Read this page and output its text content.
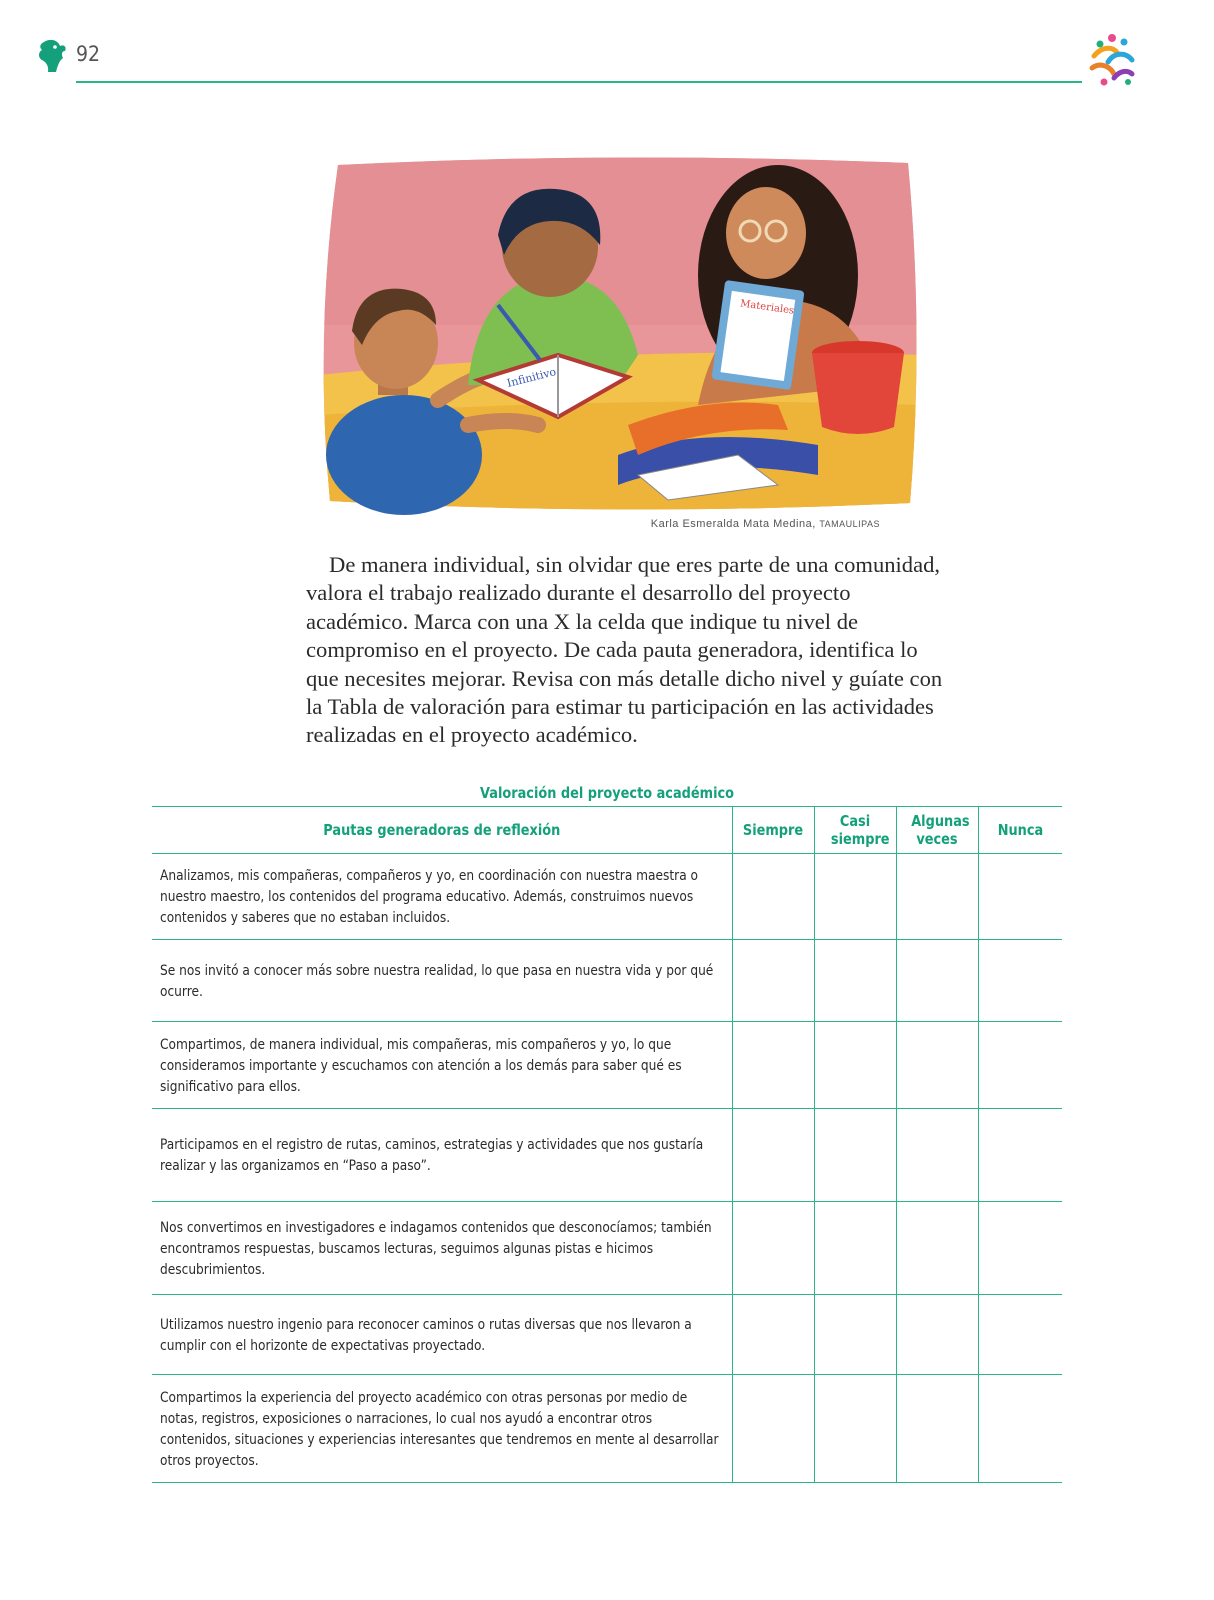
92
Infinitivo
Materiales
Karla Esmeralda Mata Medina, TAMAULIPAS

De manera individual, sin olvidar que eres parte de una comunidad, valora el trabajo realizado durante el desarrollo del proyecto académico. Marca con una X la celda que indique tu nivel de compromiso en el proyecto. De cada pauta generadora, identifica lo que necesites mejorar. Revisa con más detalle dicho nivel y guíate con la Tabla de valoración para estimar tu participación en las actividades realizadas en el proyecto académico.

Valoración del proyecto académico
Pautas generadoras de reflexión	Siempre	Casi siempre	Algunas veces	Nunca

Analizamos, mis compañeras, compañeros y yo, en coordinación con nuestra maestra o nuestro maestro, los contenidos del programa educativo. Además, construimos nuevos contenidos y saberes que no estaban incluidos.				

Se nos invitó a conocer más sobre nuestra realidad, lo que pasa en nuestra vida y por qué ocurre.				

Compartimos, de manera individual, mis compañeras, mis compañeros y yo, lo que consideramos importante y escuchamos con atención a los demás para saber qué es significativo para ellos.				

Participamos en el registro de rutas, caminos, estrategias y actividades que nos gustaría realizar y las organizamos en “Paso a paso”.				

Nos convertimos en investigadores e indagamos contenidos que desconocíamos; también encontramos respuestas, buscamos lecturas, seguimos algunas pistas e hicimos descubrimientos.				

Utilizamos nuestro ingenio para reconocer caminos o rutas diversas que nos llevaron a cumplir con el horizonte de expectativas proyectado.				

Compartimos la experiencia del proyecto académico con otras personas por medio de notas, registros, exposiciones o narraciones, lo cual nos ayudó a encontrar otros contenidos, situaciones y experiencias interesantes que tendremos en mente al desarrollar otros proyectos.				
